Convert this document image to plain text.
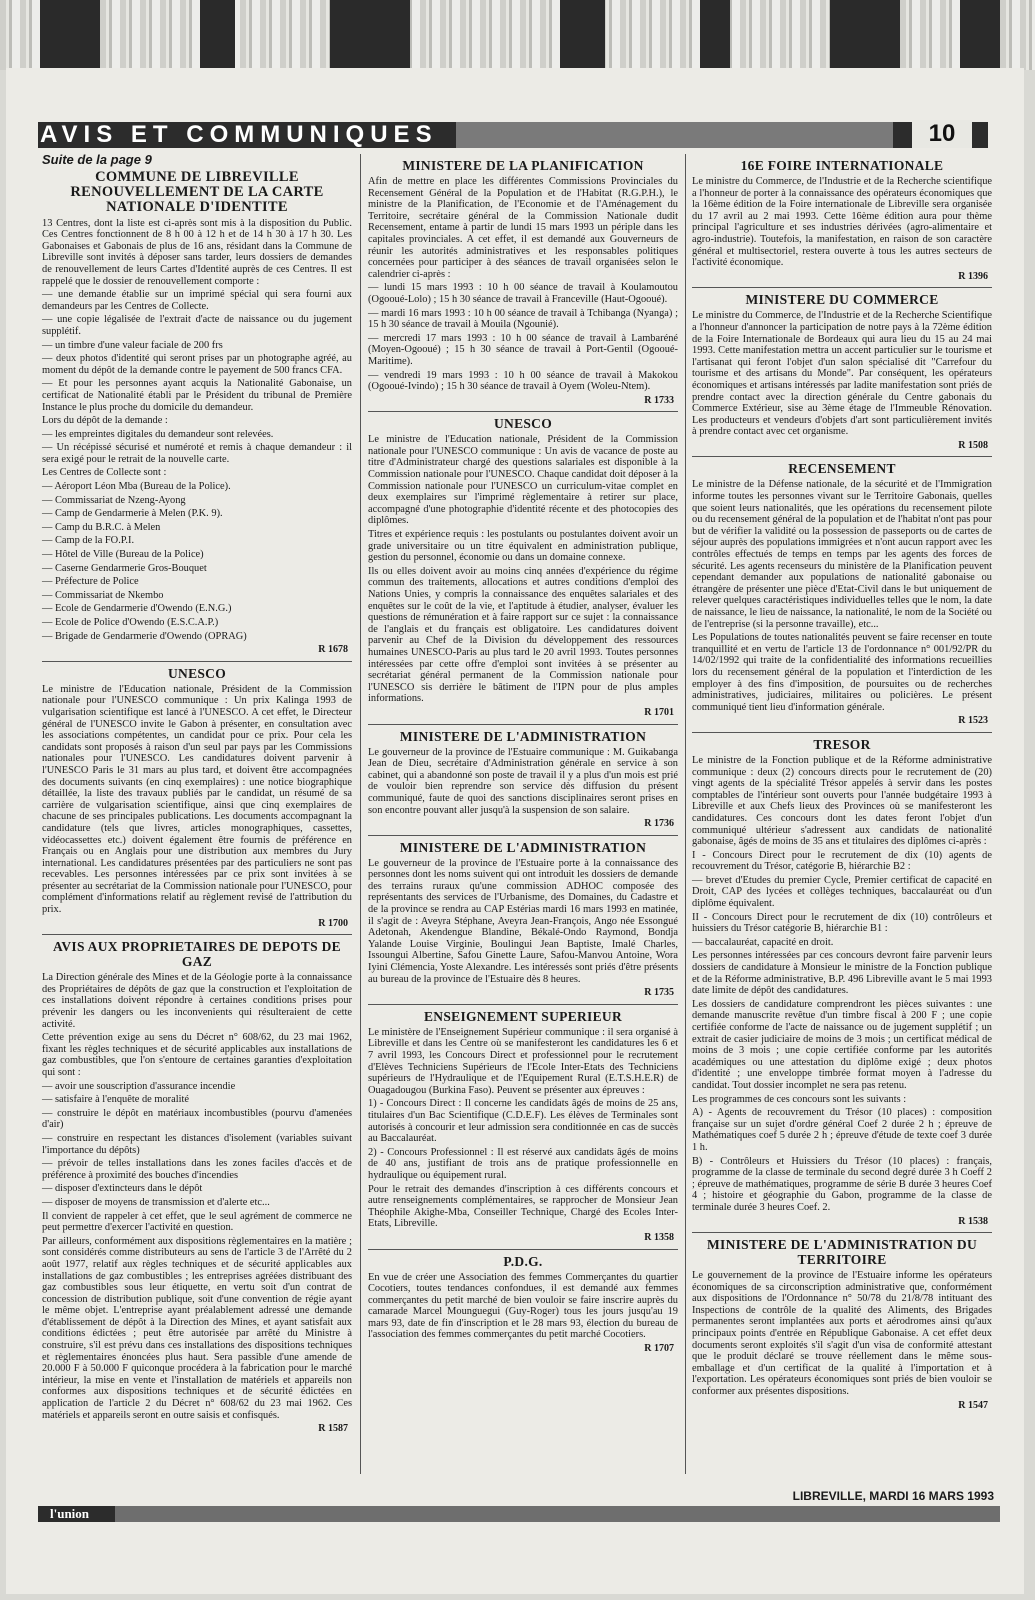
AVIS ET COMMUNIQUES	10
Suite de la page 9
COMMUNE DE LIBREVILLE RENOUVELLEMENT DE LA CARTE NATIONALE D'IDENTITE

13 Centres, dont la liste est ci-après sont mis à la disposition du Public. Ces Centres fonctionnent de 8 h 00 à 12 h et de 14 h 30 à 17 h 30. Les Gabonaises et Gabonais de plus de 16 ans, résidant dans la Commune de Libreville sont invités à déposer sans tarder, leurs dossiers de demandes de renouvellement de leurs Cartes d'Identité auprès de ces Centres. Il est rappelé que le dossier de renouvellement comporte :

— une demande établie sur un imprimé spécial qui sera fourni aux demandeurs par les Centres de Collecte.

— une copie légalisée de l'extrait d'acte de naissance ou du jugement supplétif.

— un timbre d'une valeur faciale de 200 frs

— deux photos d'identité qui seront prises par un photographe agréé, au moment du dépôt de la demande contre le payement de 500 francs CFA.

— Et pour les personnes ayant acquis la Nationalité Gabonaise, un certificat de Nationalité établi par le Président du tribunal de Première Instance le plus proche du domicile du demandeur.

Lors du dépôt de la demande :

— les empreintes digitales du demandeur sont relevées.

— Un récépissé sécurisé et numéroté et remis à chaque demandeur : il sera exigé pour le retrait de la nouvelle carte.

Les Centres de Collecte sont :

— Aéroport Léon Mba (Bureau de la Police).

— Commissariat de Nzeng-Ayong

— Camp de Gendarmerie à Melen (P.K. 9).

— Camp du B.R.C. à Melen

— Camp de la FO.P.I.

— Hôtel de Ville (Bureau de la Police)

— Caserne Gendarmerie Gros-Bouquet

— Préfecture de Police

— Commissariat de Nkembo

— Ecole de Gendarmerie d'Owendo (E.N.G.)

— Ecole de Police d'Owendo (E.S.C.A.P.)

— Brigade de Gendarmerie d'Owendo (OPRAG)

R 1678
UNESCO

Le ministre de l'Education nationale, Président de la Commission nationale pour l'UNESCO communique : Un prix Kalinga 1993 de vulgarisation scientifique est lancé à l'UNESCO. A cet effet, le Directeur général de l'UNESCO invite le Gabon à présenter, en consultation avec les associations compétentes, un candidat pour ce prix. Pour cela les candidats sont proposés à raison d'un seul par pays par les Commissions nationales pour l'UNESCO. Les candidatures doivent parvenir à l'UNESCO Paris le 31 mars au plus tard, et doivent être accompagnées des documents suivants (en cinq exemplaires) : une notice biographique détaillée, la liste des travaux publiés par le candidat, un résumé de sa carrière de vulgarisation scientifique, ainsi que cinq exemplaires de chacune de ses principales publications. Les documents accompagnant la candidature (tels que livres, articles monographiques, cassettes, vidéocassettes etc.) doivent également être fournis de préférence en Français ou en Anglais pour une distribution aux membres du Jury international. Les candidatures présentées par des particuliers ne sont pas recevables. Les personnes intéressées par ce prix sont invitées à se présenter au secrétariat de la Commission nationale pour l'UNESCO, pour complément d'informations relatif au règlement revisé de l'attribution du prix.

R 1700
AVIS AUX PROPRIETAIRES DE DEPOTS DE GAZ

La Direction générale des Mines et de la Géologie porte à la connaissance des Propriétaires de dépôts de gaz que la construction et l'exploitation de ces installations doivent répondre à certaines conditions prises pour prévenir les dangers ou les inconvenients qui résulteraient de cette activité.

Cette prévention exige au sens du Décret n° 608/62, du 23 mai 1962, fixant les règles techniques et de sécurité applicables aux installations de gaz combustibles, que l'on s'entoure de certaines garanties d'exploitation qui sont :

— avoir une souscription d'assurance incendie

— satisfaire à l'enquête de moralité

— construire le dépôt en matériaux incombustibles (pourvu d'amenées d'air)

— construire en respectant les distances d'isolement (variables suivant l'importance du dépôts)

— prévoir de telles installations dans les zones faciles d'accès et de préférence à proximité des bouches d'incendies

— disposer d'extincteurs dans le dépôt

— disposer de moyens de transmission et d'alerte etc...

Il convient de rappeler à cet effet, que le seul agrément de commerce ne peut permettre d'exercer l'activité en question.

Par ailleurs, conformément aux dispositions règlementaires en la matière ; sont considérés comme distributeurs au sens de l'article 3 de l'Arrêté du 2 août 1977, relatif aux règles techniques et de sécurité applicables aux installations de gaz combustibles ; les entreprises agréées distribuant des gaz combustibles sous leur étiquette, en vertu soit d'un contrat de concession de distribution publique, soit d'une convention de régie ayant le même objet. L'entreprise ayant préalablement adressé une demande d'établissement de dépôt à la Direction des Mines, et ayant satisfait aux conditions édictées ; peut être autorisée par arrêté du Ministre à construire, s'il est prévu dans ces installations des dispositions techniques et règlementaires énoncées plus haut. Sera passible d'une amende de 20.000 F à 50.000 F quiconque procédera à la fabrication pour le marché intérieur, la mise en vente et l'installation de matériels et appareils non conformes aux dispositions techniques et de sécurité édictées en application de l'article 2 du Décret n° 608/62 du 23 mai 1962. Ces matériels et appareils seront en outre saisis et confisqués.

R 1587
MINISTERE DE LA PLANIFICATION

Afin de mettre en place les différentes Commissions Provinciales du Recensement Général de la Population et de l'Habitat (R.G.P.H.), le ministre de la Planification, de l'Economie et de l'Aménagement du Territoire, secrétaire général de la Commission Nationale dudit Recensement, entame à partir de lundi 15 mars 1993 un périple dans les capitales provinciales. A cet effet, il est demandé aux Gouverneurs de réunir les autorités administratives et les responsables politiques concernées pour participer à des séances de travail organisées selon le calendrier ci-après :

— lundi 15 mars 1993 : 10 h 00 séance de travail à Koulamoutou (Ogooué-Lolo) ; 15 h 30 séance de travail à Franceville (Haut-Ogooué).

— mardi 16 mars 1993 : 10 h 00 séance de travail à Tchibanga (Nyanga) ; 15 h 30 séance de travail à Mouila (Ngounié).

— mercredi 17 mars 1993 : 10 h 00 séance de travail à Lambaréné (Moyen-Ogooué) ; 15 h 30 séance de travail à Port-Gentil (Ogooué-Maritime).

— vendredi 19 mars 1993 : 10 h 00 séance de travail à Makokou (Ogooué-Ivindo) ; 15 h 30 séance de travail à Oyem (Woleu-Ntem).

R 1733
UNESCO

Le ministre de l'Education nationale, Président de la Commission nationale pour l'UNESCO communique : Un avis de vacance de poste au titre d'Administrateur chargé des questions salariales est disponible à la Commission nationale pour l'UNESCO. Chaque candidat doit déposer à la Commission nationale pour l'UNESCO un curriculum-vitae complet en deux exemplaires sur l'imprimé règlementaire à retirer sur place, accompagné d'une photographie d'identité récente et des photocopies des diplômes.

Titres et expérience requis : les postulants ou postulantes doivent avoir un grade universitaire ou un titre équivalent en administration publique, gestion du personnel, économie ou dans un domaine connexe.

Ils ou elles doivent avoir au moins cinq années d'expérience du régime commun des traitements, allocations et autres conditions d'emploi des Nations Unies, y compris la connaissance des enquêtes salariales et des enquêtes sur le coût de la vie, et l'aptitude à étudier, analyser, évaluer les questions de rémunération et à faire rapport sur ce sujet : la connaissance de l'anglais et du français est obligatoire. Les candidatures doivent parvenir au Chef de la Division du développement des ressources humaines UNESCO-Paris au plus tard le 20 avril 1993. Toutes personnes intéressées par cette offre d'emploi sont invitées à se présenter au secrétariat général permanent de la Commission nationale pour l'UNESCO sis derrière le bâtiment de l'IPN pour de plus amples informations.

R 1701
MINISTERE DE L'ADMINISTRATION

Le gouverneur de la province de l'Estuaire communique : M. Guikabanga Jean de Dieu, secrétaire d'Administration générale en service à son cabinet, qui a abandonné son poste de travail il y a plus d'un mois est prié de vouloir bien reprendre son service dès diffusion du présent communiqué, faute de quoi des sanctions disciplinaires seront prises en son encontre pouvant aller jusqu'à la suspension de son salaire.

R 1736
MINISTERE DE L'ADMINISTRATION

Le gouverneur de la province de l'Estuaire porte à la connaissance des personnes dont les noms suivent qui ont introduit les dossiers de demande des terrains ruraux qu'une commission ADHOC composée des représentants des services de l'Urbanisme, des Domaines, du Cadastre et de la province se rendra au CAP Estérias mardi 16 mars 1993 en matinée, il s'agit de : Aveyra Stéphane, Aveyra Jean-François, Ango née Essongué Adetonah, Akendengue Blandine, Békalé-Ondo Raymond, Bondja Yalande Louise Virginie, Boulingui Jean Baptiste, Imalé Charles, Issoungui Albertine, Safou Ginette Laure, Safou-Manvou Antoine, Wora Iyini Clémencia, Yoste Alexandre. Les intéressés sont priés d'être présents au bureau de la province de l'Estuaire dès 8 heures.

R 1735
ENSEIGNEMENT SUPERIEUR

Le ministère de l'Enseignement Supérieur communique : il sera organisé à Libreville et dans les Centre où se manifesteront les candidatures les 6 et 7 avril 1993, les Concours Direct et professionnel pour le recrutement d'Elèves Techniciens Supérieurs de l'Ecole Inter-Etats des Techniciens supérieurs de l'Hydraulique et de l'Equipement Rural (E.T.S.H.E.R) de Ouagadougou (Burkina Faso). Peuvent se présenter aux épreuves :

1) - Concours Direct : Il concerne les candidats âgés de moins de 25 ans, titulaires d'un Bac Scientifique (C.D.E.F). Les élèves de Terminales sont autorisés à concourir et leur admission sera conditionnée en cas de succès au Baccalauréat.

2) - Concours Professionnel : Il est réservé aux candidats âgés de moins de 40 ans, justifiant de trois ans de pratique professionnelle en hydraulique ou équipement rural.

Pour le retrait des demandes d'inscription à ces différents concours et autre renseignements complémentaires, se rapprocher de Monsieur Jean Théophile Akighe-Mba, Conseiller Technique, Chargé des Ecoles Inter-Etats, Libreville.

R 1358
P.D.G.

En vue de créer une Association des femmes Commerçantes du quartier Cocotiers, toutes tendances confondues, il est demandé aux femmes commerçantes du petit marché de bien vouloir se faire inscrire auprès du camarade Marcel Mounguegui (Guy-Roger) tous les jours jusqu'au 19 mars 93, date de fin d'inscription et le 28 mars 93, élection du bureau de l'association des femmes commerçantes du petit marché Cocotiers.

R 1707
16E FOIRE INTERNATIONALE

Le ministre du Commerce, de l'Industrie et de la Recherche scientifique a l'honneur de porter à la connaissance des opérateurs économiques que la 16ème édition de la Foire internationale de Libreville sera organisée du 17 avril au 2 mai 1993. Cette 16ème édition aura pour thème principal l'agriculture et ses industries dérivées (agro-alimentaire et agro-industrie). Toutefois, la manifestation, en raison de son caractère général et multisectoriel, restera ouverte à tous les autres secteurs de l'activité économique.

R 1396
MINISTERE DU COMMERCE

Le ministre du Commerce, de l'Industrie et de la Recherche Scientifique a l'honneur d'annoncer la participation de notre pays à la 72ème édition de la Foire Internationale de Bordeaux qui aura lieu du 15 au 24 mai 1993. Cette manifestation mettra un accent particulier sur le tourisme et l'artisanat qui feront l'objet d'un salon spécialisé dit "Carrefour du tourisme et des artisans du Monde". Par conséquent, les opérateurs économiques et artisans intéressés par ladite manifestation sont priés de prendre contact avec la direction générale du Centre gabonais du Commerce Extérieur, sise au 3ème étage de l'Immeuble Rénovation. Les producteurs et vendeurs d'objets d'art sont particulièrement invités à prendre contact avec cet organisme.

R 1508
RECENSEMENT

Le ministre de la Défense nationale, de la sécurité et de l'Immigration informe toutes les personnes vivant sur le Territoire Gabonais, quelles que soient leurs nationalités, que les opérations du recensement pilote ou du recensement général de la population et de l'habitat n'ont pas pour but de vérifier la validité ou la possession de passeports ou de cartes de séjour auprès des populations immigrées et n'ont aucun rapport avec les contrôles effectués de temps en temps par les agents des forces de sécurité. Les agents recenseurs du ministère de la Planification peuvent cependant demander aux populations de nationalité gabonaise ou étrangère de présenter une pièce d'Etat-Civil dans le but uniquement de relever quelques caractéristiques individuelles telles que le nom, la date de naissance, le lieu de naissance, la nationalité, le nom de la Société ou de l'entreprise (si la personne travaille), etc...

Les Populations de toutes nationalités peuvent se faire recenser en toute tranquillité et en vertu de l'article 13 de l'ordonnance n° 001/92/PR du 14/02/1992 qui traite de la confidentialité des informations recueillies lors du recensement général de la population et l'interdiction de les employer à des fins d'imposition, de poursuites ou de recherches administratives, judiciaires, militaires ou policières. Le présent communiqué tient lieu d'information générale.

R 1523
TRESOR

Le ministre de la Fonction publique et de la Réforme administrative communique : deux (2) concours directs pour le recrutement de (20) vingt agents de la spécialité Trésor appelés à servir dans les postes comptables de l'intérieur sont ouverts pour l'année budgétaire 1993 à Libreville et aux Chefs lieux des Provinces où se manifesteront les candidatures. Ces concours dont les dates feront l'objet d'un communiqué ultérieur s'adressent aux candidats de nationalité gabonaise, âgés de moins de 35 ans et titulaires des diplômes ci-après :

I - Concours Direct pour le recrutement de dix (10) agents de recouvrement du Trésor, catégorie B, hiérarchie B2 :

— brevet d'Etudes du premier Cycle, Premier certificat de capacité en Droit, CAP des lycées et collèges techniques, baccalauréat ou d'un diplôme équivalent.

II - Concours Direct pour le recrutement de dix (10) contrôleurs et huissiers du Trésor catégorie B, hiérarchie B1 :

— baccalauréat, capacité en droit.

Les personnes intéressées par ces concours devront faire parvenir leurs dossiers de candidature à Monsieur le ministre de la Fonction publique et de la Réforme administrative, B.P. 496 Libreville avant le 5 mai 1993 date limite de dépôt des candidatures.

Les dossiers de candidature comprendront les pièces suivantes : une demande manuscrite revêtue d'un timbre fiscal à 200 F ; une copie certifiée conforme de l'acte de naissance ou de jugement supplétif ; un extrait de casier judiciaire de moins de 3 mois ; un certificat médical de moins de 3 mois ; une copie certifiée conforme par les autorités académiques ou une attestation du diplôme exigé ; deux photos d'identité ; une enveloppe timbrée format moyen à l'adresse du candidat. Tout dossier incomplet ne sera pas retenu.

Les programmes de ces concours sont les suivants :

A) - Agents de recouvrement du Trésor (10 places) : composition française sur un sujet d'ordre général Coef 2 durée 2 h ; épreuve de Mathématiques coef 5 durée 2 h ; épreuve d'étude de texte coef 3 durée 1 h.

B) - Contrôleurs et Huissiers du Trésor (10 places) : français, programme de la classe de terminale du second degré durée 3 h Coeff 2 ; épreuve de mathématiques, programme de série B durée 3 heures Coef 4 ; histoire et géographie du Gabon, programme de la classe de terminale durée 3 heures Coef. 2.

R 1538
MINISTERE DE L'ADMINISTRATION DU TERRITOIRE

Le gouvernement de la province de l'Estuaire informe les opérateurs économiques de sa circonscription administrative que, conformément aux dispositions de l'Ordonnance n° 50/78 du 21/8/78 intituant des Inspections de contrôle de la qualité des Aliments, des Brigades permanentes seront implantées aux ports et aérodromes ainsi qu'aux principaux points d'entrée en République Gabonaise. A cet effet deux documents seront exploités s'il s'agit d'un visa de conformité attestant que le produit déclaré se trouve réellement dans le même sous-emballage et d'un certificat de la qualité à l'importation et à l'exportation. Les opérateurs économiques sont priés de bien vouloir se conformer aux présentes dispositions.

R 1547
LIBREVILLE, MARDI 16 MARS 1993
l'union
